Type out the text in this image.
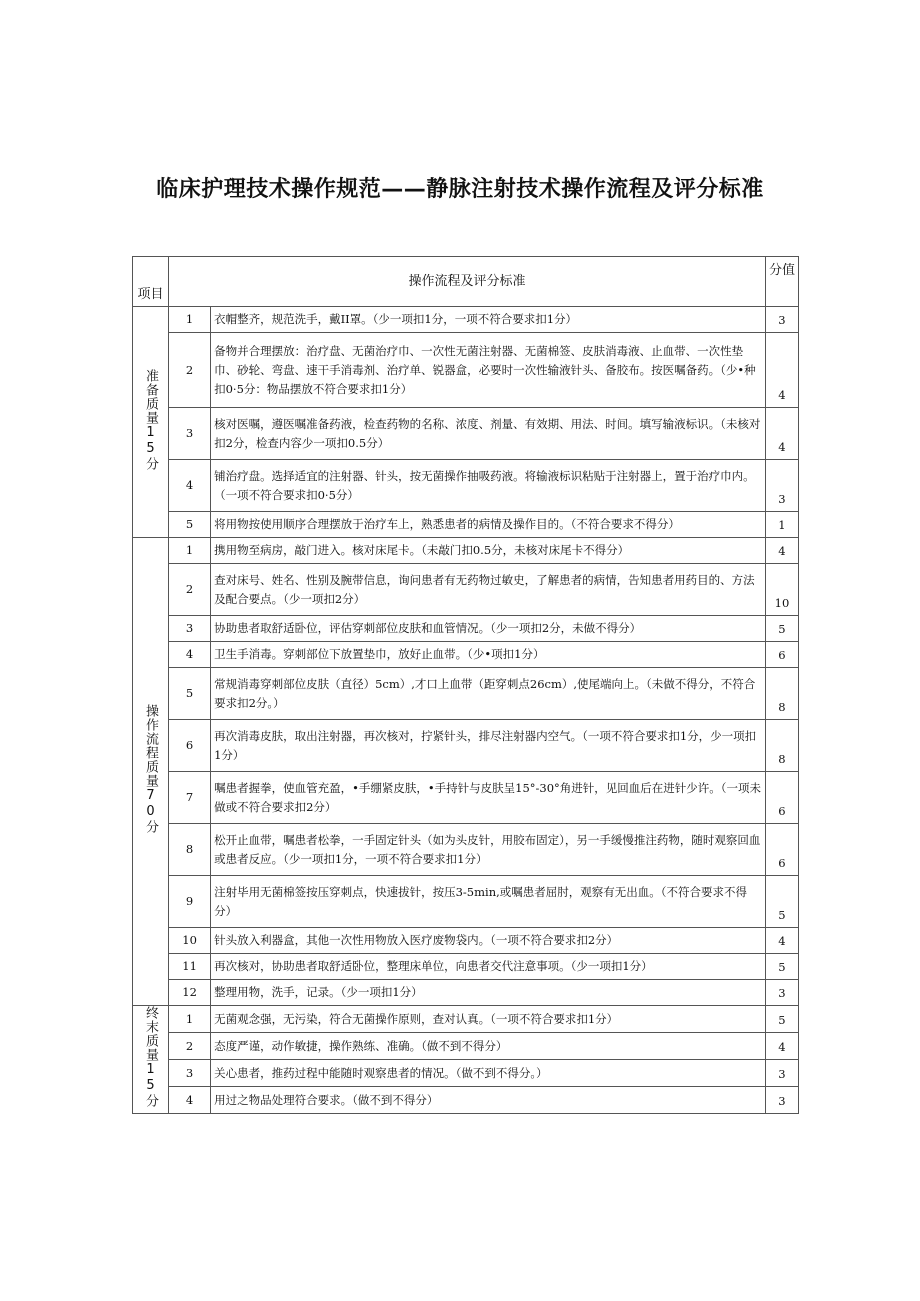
临床护理技术操作规范——静脉注射技术操作流程及评分标准
项目	操作流程及评分标准		分值
准备质量15分	1	衣帽整齐，规范洗手，戴II罩。（少一项扣1分，一项不符合要求扣1分）	3
	2	备物并合理摆放：治疗盘、无菌治疗巾、一次性无菌注射器、无菌棉签、皮肤消毒液、止血带、一次性垫巾、砂轮、弯盘、速干手消毒剂、治疗单、锐器盒，必要时一次性输液针头、备胶布。按医嘱备药。（少•种扣0·5分：物品摆放不符合要求扣1分）	4
	3	核对医嘱，遵医嘱准备药液，检查药物的名称、浓度、剂量、有效期、用法、时间。填写输液标识。（未核对扣2分，检查内容少一项扣0.5分）	4
	4	铺治疗盘。选择适宜的注射器、针头，按无菌操作抽吸药液。将输液标识粘贴于注射器上，置于治疗巾内。（一项不符合要求扣0·5分）	3
	5	将用物按使用顺序合理摆放于治疗车上，熟悉患者的病情及操作目的。（不符合要求不得分）	1
操作流程质量70分	1	携用物至病房，敲门进入。核对床尾卡。（未敲门扣0.5分，未核对床尾卡不得分）	4
	2	查对床号、姓名、性别及腕带信息，询问患者有无药物过敏史，了解患者的病情，告知患者用药目的、方法及配合要点。（少一项扣2分）	10
	3	协助患者取舒适卧位，评估穿刺部位皮肤和血管情况。（少一项扣2分，未做不得分）	5
	4	卫生手消毒。穿刺部位下放置垫巾，放好止血带。（少•项扣1分）	6
	5	常规消毒穿刺部位皮肤（直径）5cm）,才口上血带（距穿刺点26cm）,使尾端向上。（未做不得分，不符合要求扣2分。）	8
	6	再次消毒皮肤，取出注射器，再次核对，拧紧针头，排尽注射器内空气。（一项不符合要求扣1分，少一项扣1分）	8
	7	嘱患者握拳，使血管充盈，•手绷紧皮肤，•手持针与皮肤呈15°-30°角进针，见回血后在进针少许。（一项未做或不符合要求扣2分）	6
	8	松开止血带，嘱患者松拳，一手固定针头（如为头皮针，用胶布固定），另一手缓慢推注药物，随时观察回血或患者反应。（少一项扣1分，一项不符合要求扣1分）	6
	9	注射毕用无菌棉签按压穿刺点，快速拔针，按压3-5min,或嘱患者屈肘，观察有无出血。（不符合要求不得分）	5
	10	针头放入利器盒，其他一次性用物放入医疗废物袋内。（一项不符合要求扣2分）	4
	11	再次核对，协助患者取舒适卧位，整理床单位，向患者交代注意事项。（少一项扣1分）	5
	12	整理用物，洗手，记录。（少一项扣1分）	3
终末质量15分	1	无菌观念强，无污染，符合无菌操作原则，查对认真。（一项不符合要求扣1分）	5
	2	态度严谨，动作敏捷，操作熟练、准确。（做不到不得分）	4
	3	关心患者，推药过程中能随时观察患者的情况。（做不到不得分。）	3
	4	用过之物品处理符合要求。（做不到不得分）	3
